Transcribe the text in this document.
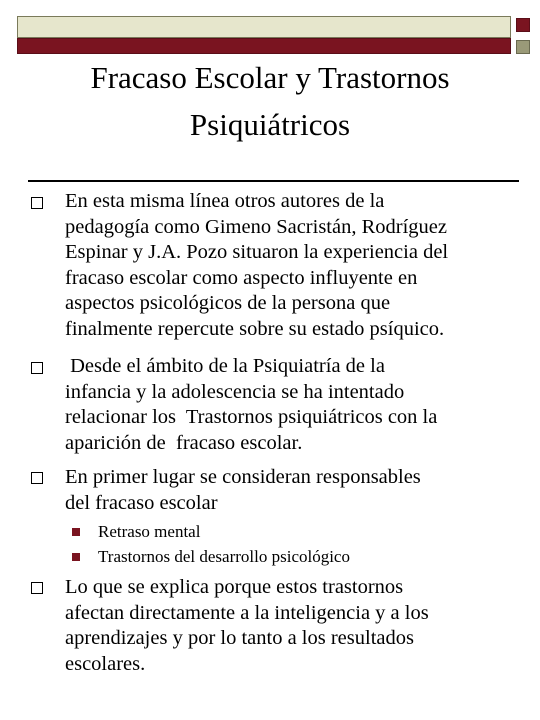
Fracaso Escolar y Trastornos
Psiquiátricos

En esta misma línea otros autores de la
pedagogía como Gimeno Sacristán, Rodríguez
Espinar y J.A. Pozo situaron la experiencia del
fracaso escolar como aspecto influyente en
aspectos psicológicos de la persona que
finalmente repercute sobre su estado psíquico.

Desde el ámbito de la Psiquiatría de la
infancia y la adolescencia se ha intentado
relacionar los  Trastornos psiquiátricos con la
aparición de  fracaso escolar.

En primer lugar se consideran responsables
del fracaso escolar

Retraso mental

Trastornos del desarrollo psicológico

Lo que se explica porque estos trastornos
afectan directamente a la inteligencia y a los
aprendizajes y por lo tanto a los resultados
escolares.
